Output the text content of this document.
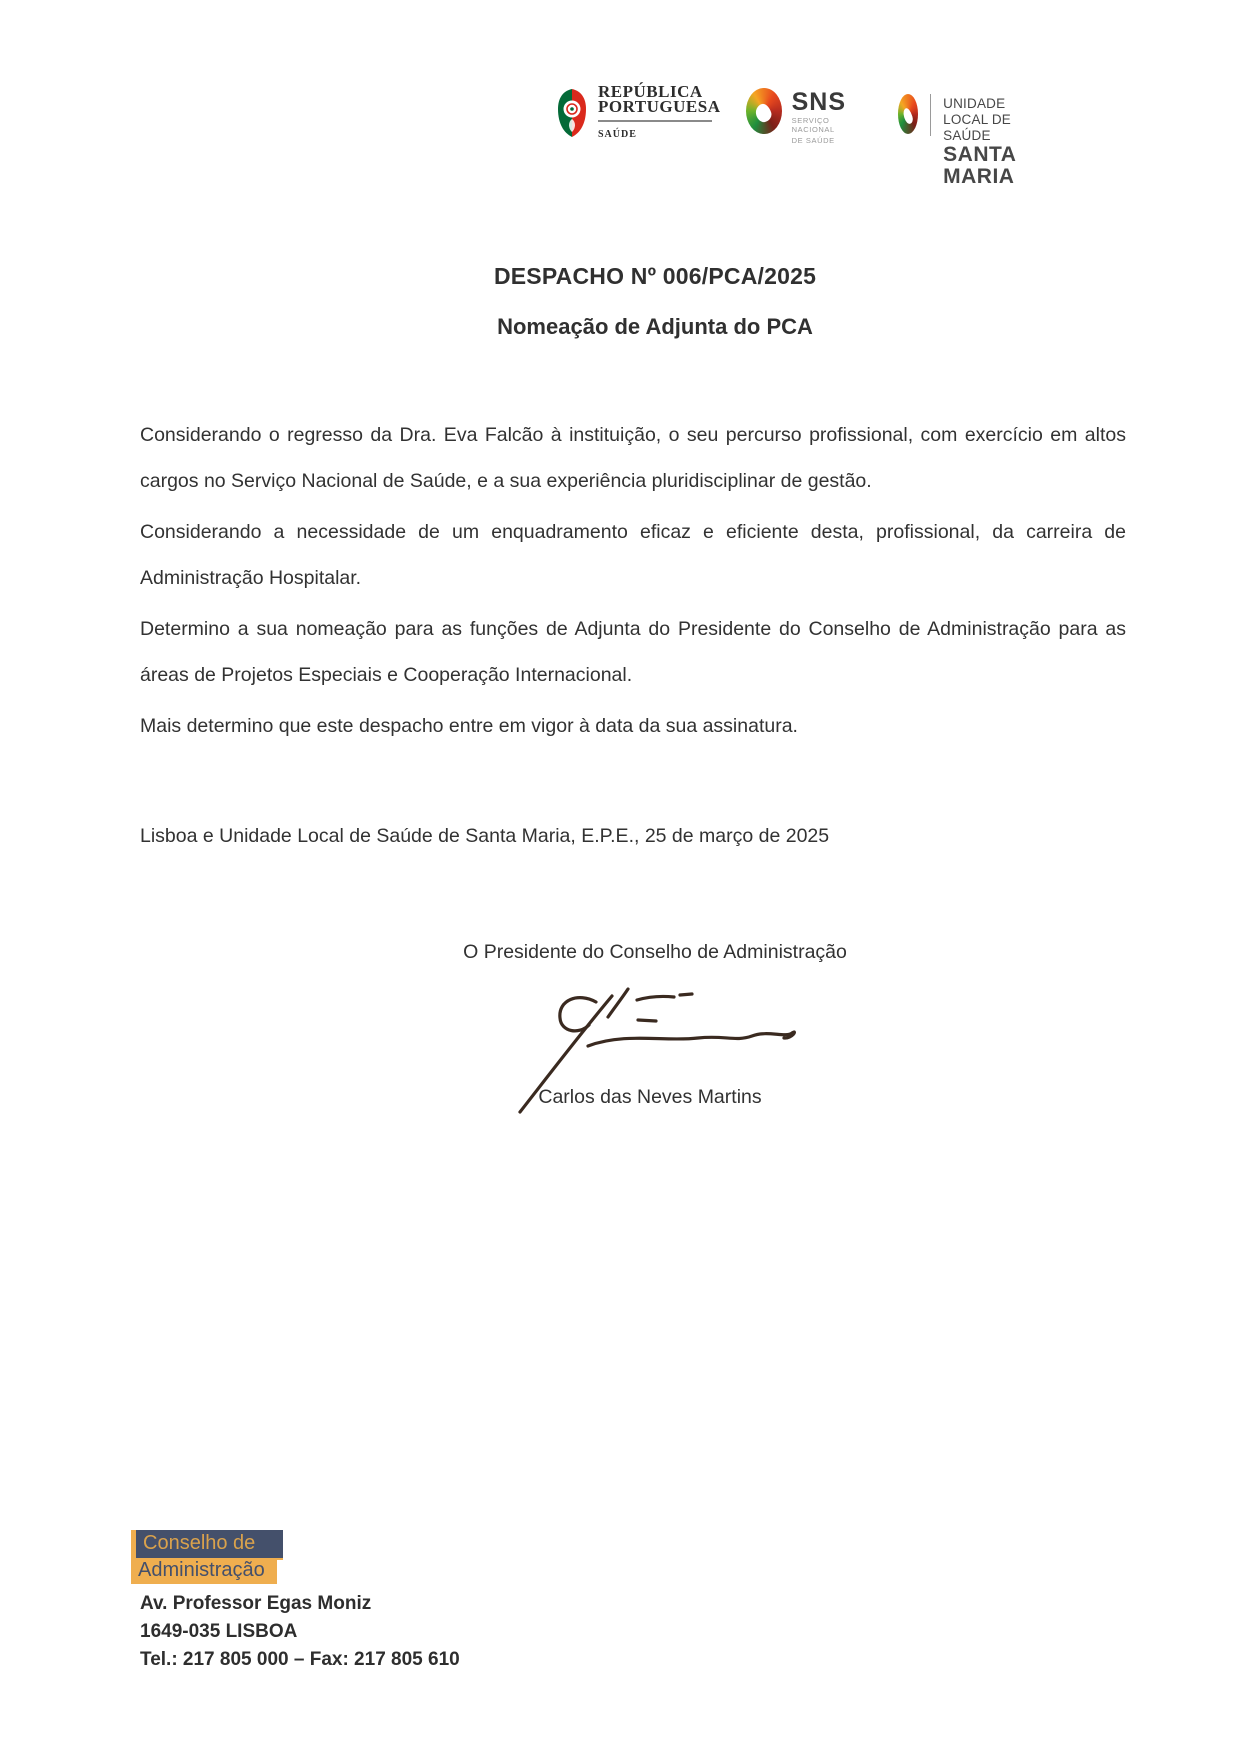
REPÚBLICA
PORTUGUESA
SAÚDE
SNS
SERVIÇO NACIONAL
DE SAÚDE
UNIDADE LOCAL DE SAÚDE
SANTA MARIA
DESPACHO Nº 006/PCA/2025
Nomeação de Adjunta do PCA

Considerando o regresso da Dra. Eva Falcão à instituição, o seu percurso profissional, com exercício em altos cargos no Serviço Nacional de Saúde, e a sua experiência pluridisciplinar de gestão.

Considerando a necessidade de um enquadramento eficaz e eficiente desta, profissional, da carreira de Administração Hospitalar.

Determino a sua nomeação para as funções de Adjunta do Presidente do Conselho de Administração para as áreas de Projetos Especiais e Cooperação Internacional.

Mais determino que este despacho entre em vigor à data da sua assinatura.

Lisboa e Unidade Local de Saúde de Santa Maria, E.P.E., 25 de março de 2025

O Presidente do Conselho de Administração
Carlos das Neves Martins
Conselho de
Administração
Av. Professor Egas Moniz
1649-035 LISBOA
Tel.: 217 805 000 – Fax: 217 805 610
